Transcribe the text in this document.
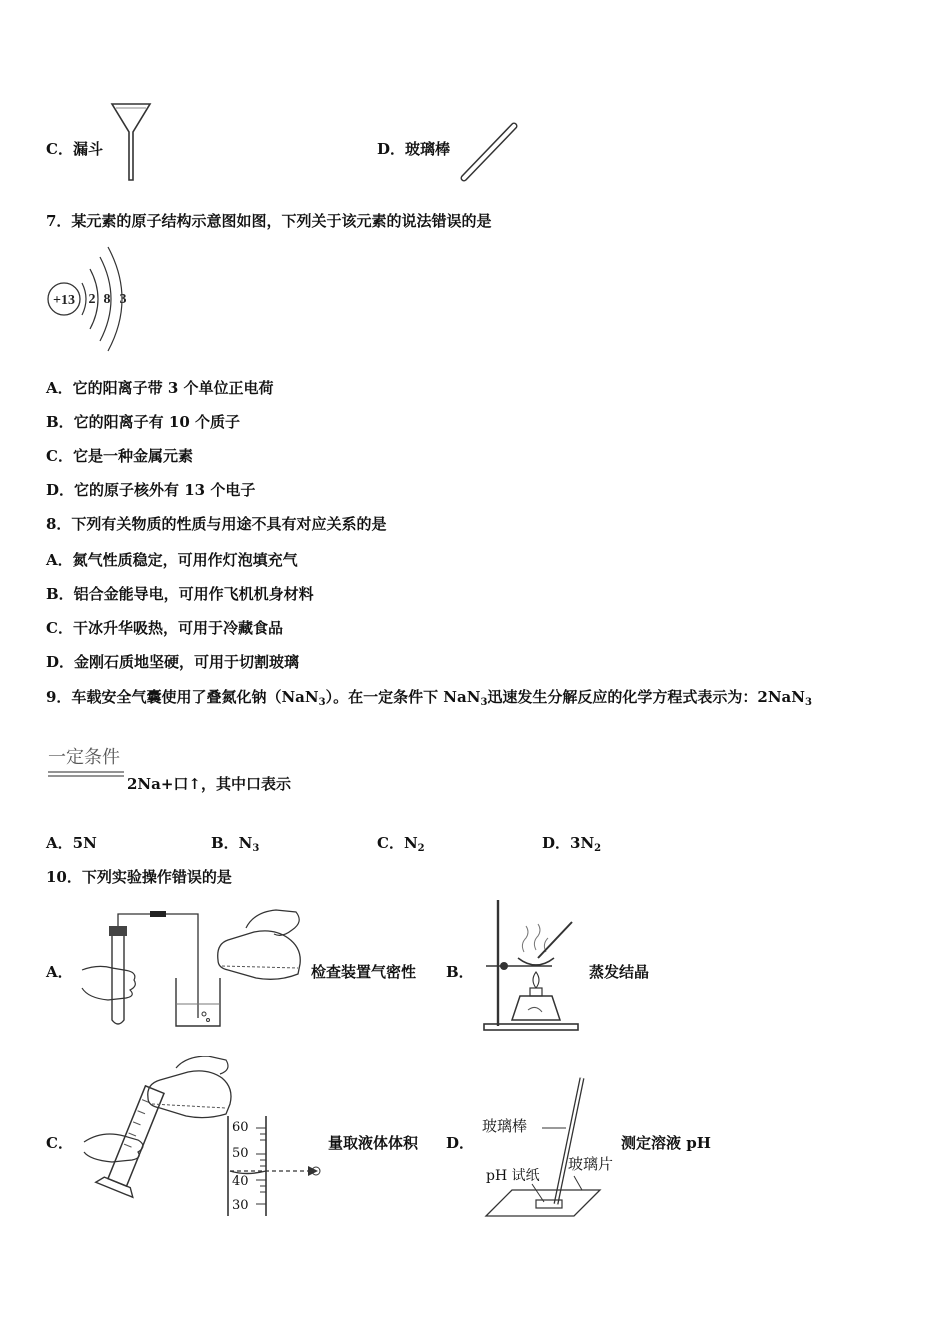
C．漏斗	D．玻璃棒
7．某元素的原子结构示意图如图，下列关于该元素的说法错误的是
+13 2 8 3
A．它的阳离子带 3 个单位正电荷
B．它的阳离子有 10 个质子
C．它是一种金属元素
D．它的原子核外有 13 个电子
8．下列有关物质的性质与用途不具有对应关系的是
A．氮气性质稳定，可用作灯泡填充气
B．铝合金能导电，可用作飞机机身材料
C．干冰升华吸热，可用于冷藏食品
D．金刚石质地坚硬，可用于切割玻璃
9．车载安全气囊使用了叠氮化钠（NaN$_3$）。在一定条件下 NaN$_3$迅速发生分解反应的化学方程式表示为：2NaN$_3$
一定条件
2Na+口↑，其中口表示
A．5N	B．$N_3$	C．$N_2$	D．$3N_2$
10．下列实验操作错误的是
A．	检查装置气密性 B．	蒸发结晶
C．
60
50
40
30
量取液体体积 D．
玻璃棒
pH 试纸
玻璃片
测定溶液 pH
